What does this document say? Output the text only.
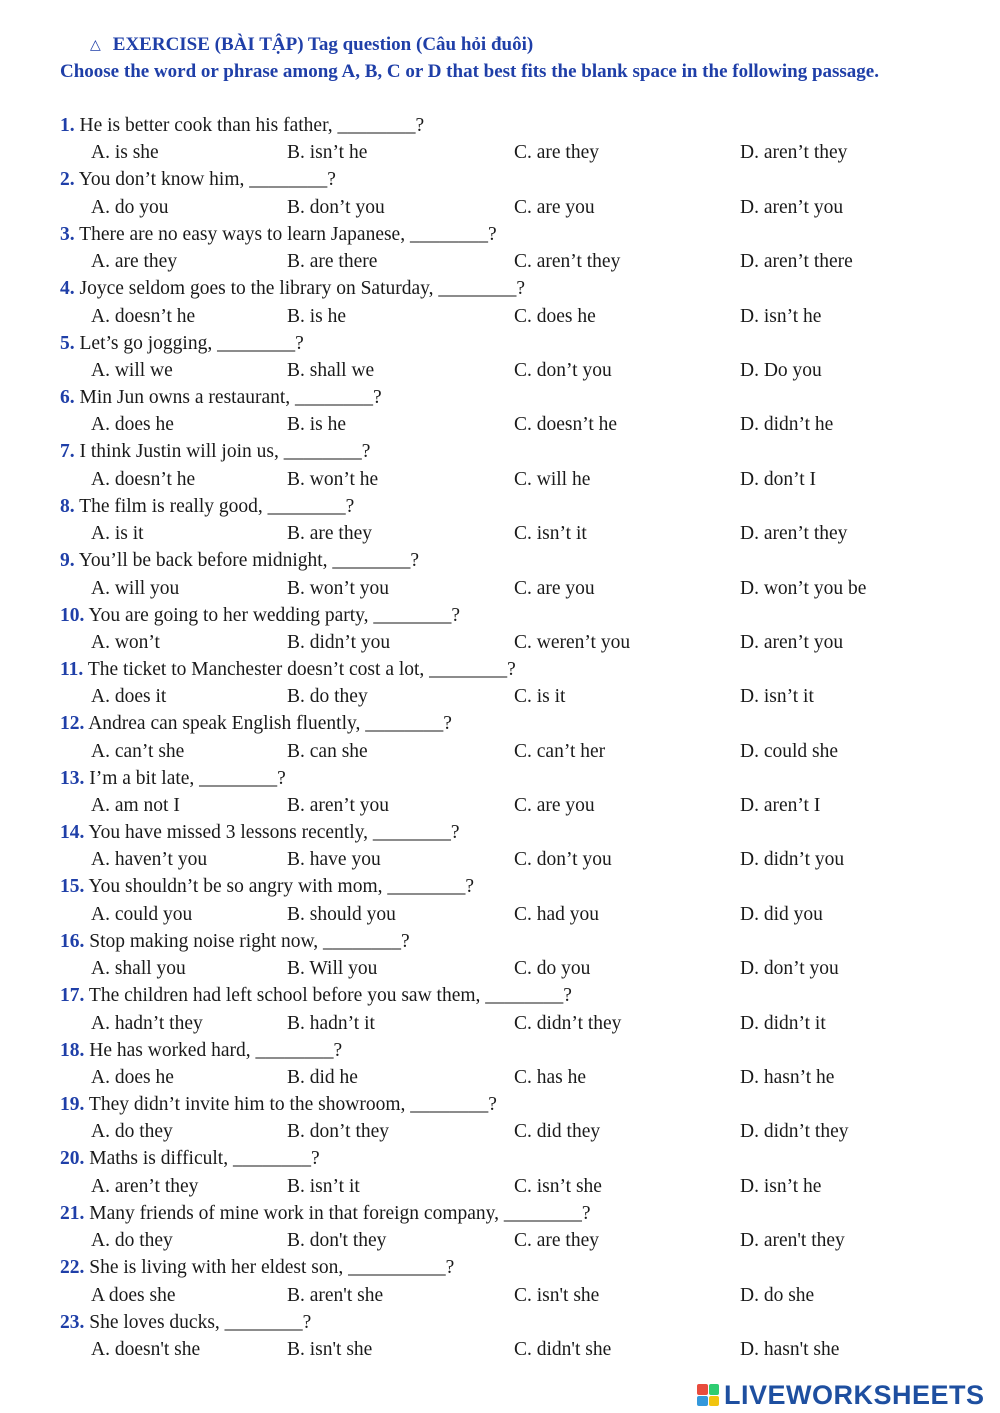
△ EXERCISE (BÀI TẬP) Tag question (Câu hỏi đuôi)
Choose the word or phrase among A, B, C or D that best fits the blank space in the following passage.
1. He is better cook than his father, ________?
A. is she	B. isn’t he	C. are they	D. aren’t they
2. You don’t know him, ________?
A. do you	B. don’t you	C. are you	D. aren’t you
3. There are no easy ways to learn Japanese, ________?
A. are they	B. are there	C. aren’t they	D. aren’t there
4. Joyce seldom goes to the library on Saturday, ________?
A. doesn’t he	B. is he	C. does he	D. isn’t he
5. Let’s go jogging, ________?
A. will we	B. shall we	C. don’t you	D. Do you
6. Min Jun owns a restaurant, ________?
A. does he	B. is he	C. doesn’t he	D. didn’t he
7. I think Justin will join us, ________?
A. doesn’t he	B. won’t he	C. will he	D. don’t I
8. The film is really good, ________?
A. is it	B. are they	C. isn’t it	D. aren’t they
9. You’ll be back before midnight, ________?
A. will you	B. won’t you	C. are you	D. won’t you be
10. You are going to her wedding party, ________?
A. won’t	B. didn’t you	C. weren’t you	D. aren’t you
11. The ticket to Manchester doesn’t cost a lot, ________?
A. does it	B. do they	C. is it	D. isn’t it
12. Andrea can speak English fluently, ________?
A. can’t she	B. can she	C. can’t her	D. could she
13. I’m a bit late, ________?
A. am not I	B. aren’t you	C. are you	D. aren’t I
14. You have missed 3 lessons recently, ________?
A. haven’t you	B. have you	C. don’t you	D. didn’t you
15. You shouldn’t be so angry with mom, ________?
A. could you	B. should you	C. had you	D. did you
16. Stop making noise right now, ________?
A. shall you	B. Will you	C. do you	D. don’t you
17. The children had left school before you saw them, ________?
A. hadn’t they	B. hadn’t it	C. didn’t they	D. didn’t it
18. He has worked hard, ________?
A. does he	B. did he	C. has he	D. hasn’t he
19. They didn’t invite him to the showroom, ________?
A. do they	B. don’t they	C. did they	D. didn’t they
20. Maths is difficult, ________?
A. aren’t they	B. isn’t it	C. isn’t she	D. isn’t he
21. Many friends of mine work in that foreign company, ________?
A. do they	B. don't they	C. are they	D. aren't they
22. She is living with her eldest son, __________?
A does she	B. aren't she	C. isn't she	D. do she
23. She loves ducks, ________?
A. doesn't she	B. isn't she	C. didn't she	D. hasn't she
LIVEWORKSHEETS
